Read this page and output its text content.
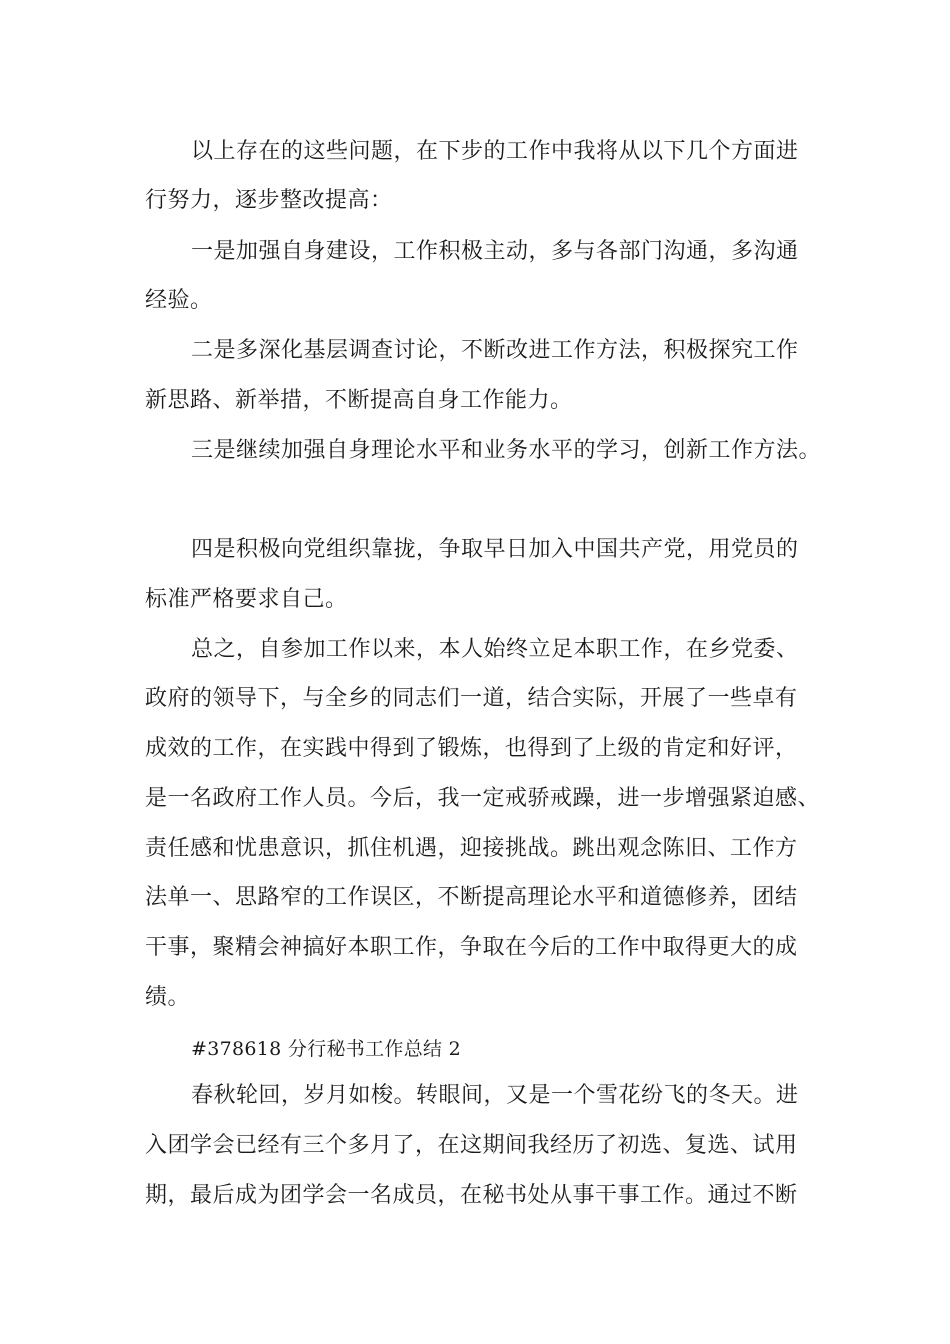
以上存在的这些问题，在下步的工作中我将从以下几个方面进
行努力，逐步整改提高：
一是加强自身建设，工作积极主动，多与各部门沟通，多沟通
经验。
二是多深化基层调查讨论，不断改进工作方法，积极探究工作
新思路、新举措，不断提高自身工作能力。
三是继续加强自身理论水平和业务水平的学习，创新工作方法。
四是积极向党组织靠拢，争取早日加入中国共产党，用党员的
标准严格要求自己。
总之，自参加工作以来，本人始终立足本职工作，在乡党委、
政府的领导下，与全乡的同志们一道，结合实际，开展了一些卓有
成效的工作，在实践中得到了锻炼，也得到了上级的肯定和好评，
是一名政府工作人员。今后，我一定戒骄戒躁，进一步增强紧迫感、
责任感和忧患意识，抓住机遇，迎接挑战。跳出观念陈旧、工作方
法单一、思路窄的工作误区，不断提高理论水平和道德修养，团结
干事，聚精会神搞好本职工作，争取在今后的工作中取得更大的成
绩。
#378618 分行秘书工作总结 2
春秋轮回，岁月如梭。转眼间，又是一个雪花纷飞的冬天。进
入团学会已经有三个多月了，在这期间我经历了初选、复选、试用
期，最后成为团学会一名成员，在秘书处从事干事工作。通过不断
